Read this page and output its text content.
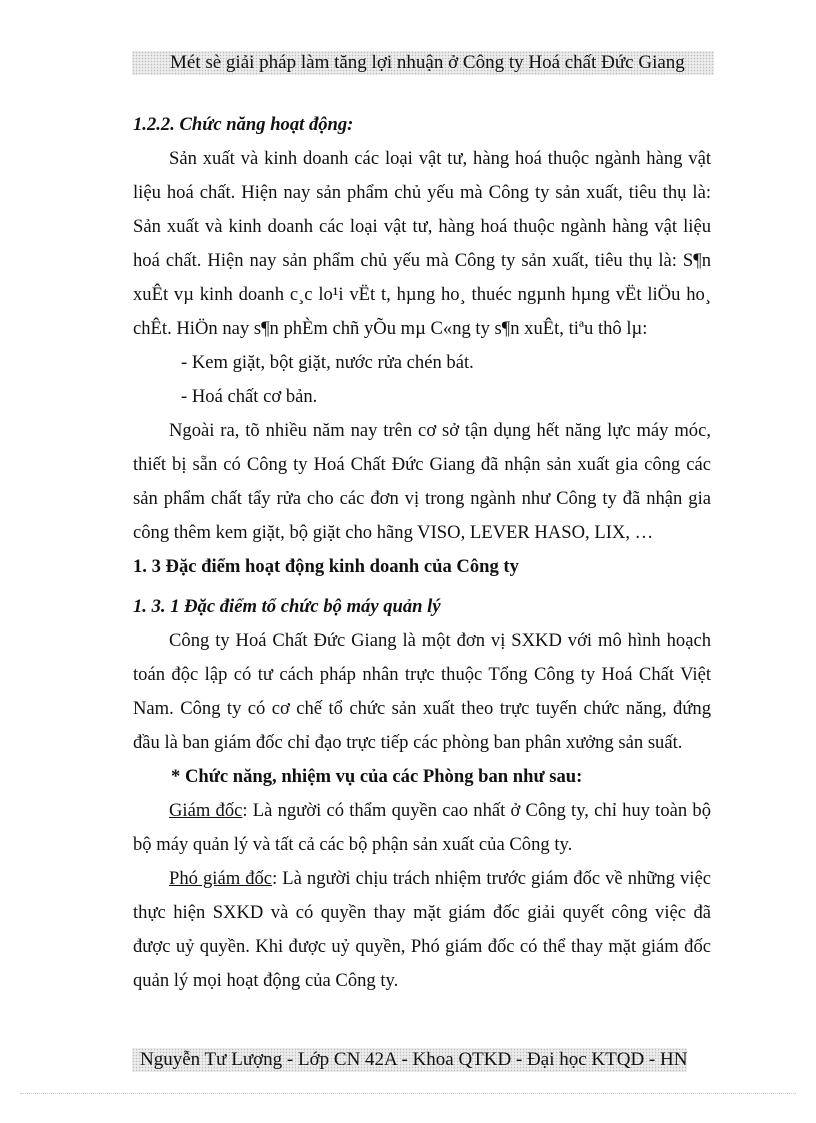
Mét sè giải pháp làm tăng lợi nhuận ở Công ty Hoá chất Đức Giang

1.2.2. Chức năng hoạt động:

Sản xuất và kinh doanh các loại vật tư, hàng hoá thuộc ngành hàng vật liệu hoá chất. Hiện nay sản phẩm chủ yếu mà Công ty sản xuất, tiêu thụ là: Sản xuất và kinh doanh các loại vật tư, hàng hoá thuộc ngành hàng vật liệu hoá chất. Hiện nay sản phẩm chủ yếu mà Công ty sản xuất, tiêu thụ là: S¶n xuÊt vµ kinh doanh c¸c lo¹i vËt t, hµng ho¸ thuéc ngµnh hµng vËt liÖu ho¸ chÊt. HiÖn nay s¶n phÈm chñ yÕu mµ C«ng ty s¶n xuÊt, tiªu thô lµ:

- Kem giặt, bột giặt, nước rửa chén bát.

- Hoá chất cơ bản.

Ngoài ra, tõ nhiều năm nay trên cơ sở tận dụng hết năng lực máy móc, thiết bị sẵn có Công ty Hoá Chất Đức Giang đã nhận sản xuất gia công các sản phẩm chất tẩy rửa cho các đơn vị trong ngành như Công ty đã nhận gia công thêm kem giặt, bộ giặt cho hãng VISO, LEVER HASO, LIX, …

1. 3 Đặc điểm hoạt động kinh doanh của Công ty

1. 3. 1 Đặc điểm tổ chức bộ máy quản lý

Công ty Hoá Chất Đức Giang là một đơn vị SXKD với mô hình hoạch toán độc lập có tư cách pháp nhân trực thuộc Tổng Công ty Hoá Chất Việt Nam. Công ty có cơ chế tổ chức sản xuất theo trực tuyến chức năng, đứng đầu là ban giám đốc chỉ đạo trực tiếp các phòng ban phân xưởng sản suất.

* Chức năng, nhiệm vụ của các Phòng ban như sau:

Giám đốc: Là người có thẩm quyền cao nhất ở Công ty, chỉ huy toàn bộ bộ máy quản lý và tất cả các bộ phận sản xuất của Công ty.

Phó giám đốc: Là người chịu trách nhiệm trước giám đốc về những việc thực hiện SXKD và có quyền thay mặt giám đốc giải quyết công việc đã được uỷ quyền. Khi được uỷ quyền, Phó giám đốc có thể thay mặt giám đốc quản lý mọi hoạt động của Công ty.

Nguyễn Tư Lượng - Lớp CN 42A - Khoa QTKD - Đại học KTQD - HN
